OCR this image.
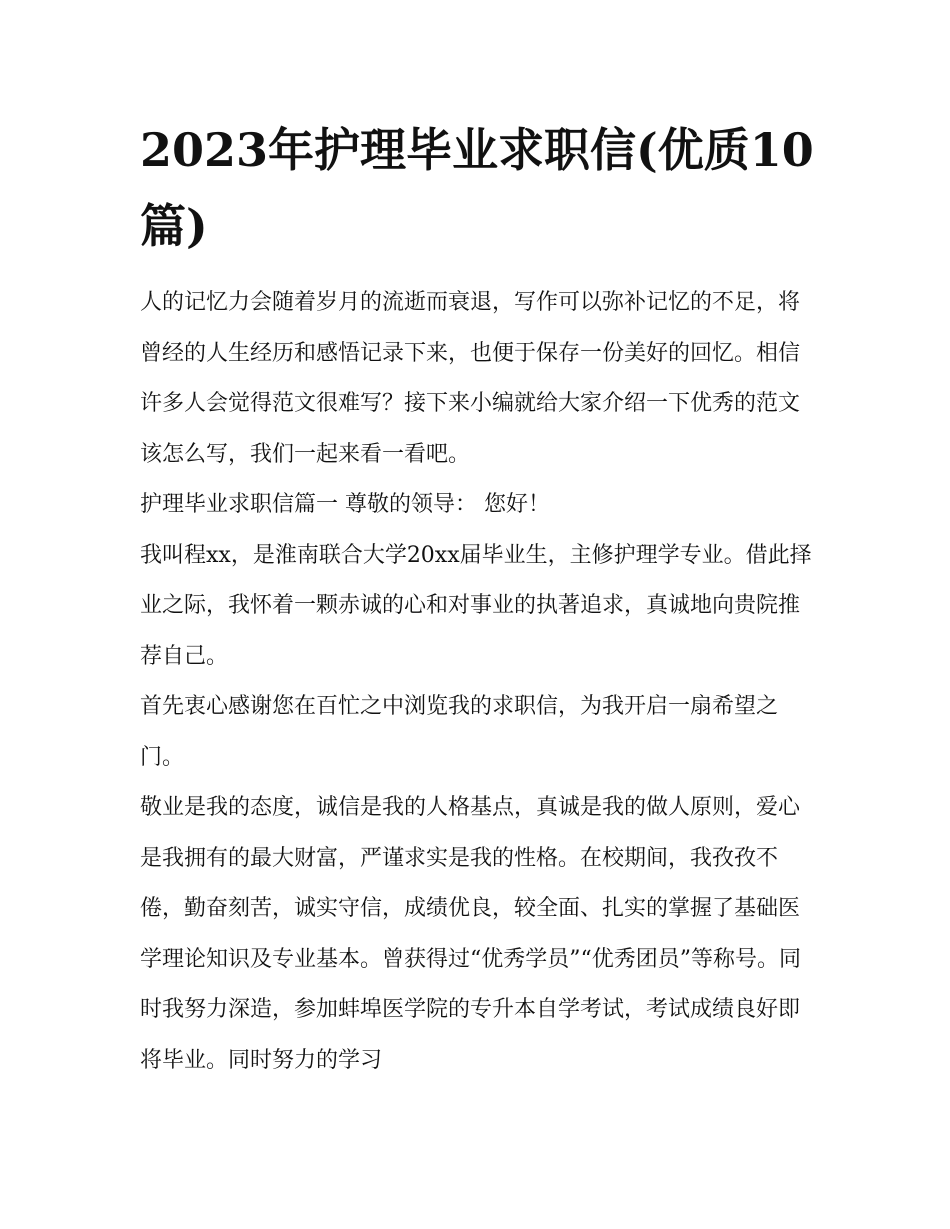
2023年护理毕业求职信(优质10篇)

人的记忆力会随着岁月的流逝而衰退，写作可以弥补记忆的不足，将曾经的人生经历和感悟记录下来，也便于保存一份美好的回忆。相信许多人会觉得范文很难写？接下来小编就给大家介绍一下优秀的范文该怎么写，我们一起来看一看吧。

护理毕业求职信篇一 尊敬的领导： 您好！

我叫程xx，是淮南联合大学20xx届毕业生，主修护理学专业。借此择业之际，我怀着一颗赤诚的心和对事业的执著追求，真诚地向贵院推荐自己。

首先衷心感谢您在百忙之中浏览我的求职信，为我开启一扇希望之门。

敬业是我的态度，诚信是我的人格基点，真诚是我的做人原则，爱心是我拥有的最大财富，严谨求实是我的性格。在校期间，我孜孜不倦，勤奋刻苦，诚实守信，成绩优良，较全面、扎实的掌握了基础医学理论知识及专业基本。曾获得过“优秀学员”“优秀团员”等称号。同时我努力深造，参加蚌埠医学院的专升本自学考试，考试成绩良好即将毕业。同时努力的学习
